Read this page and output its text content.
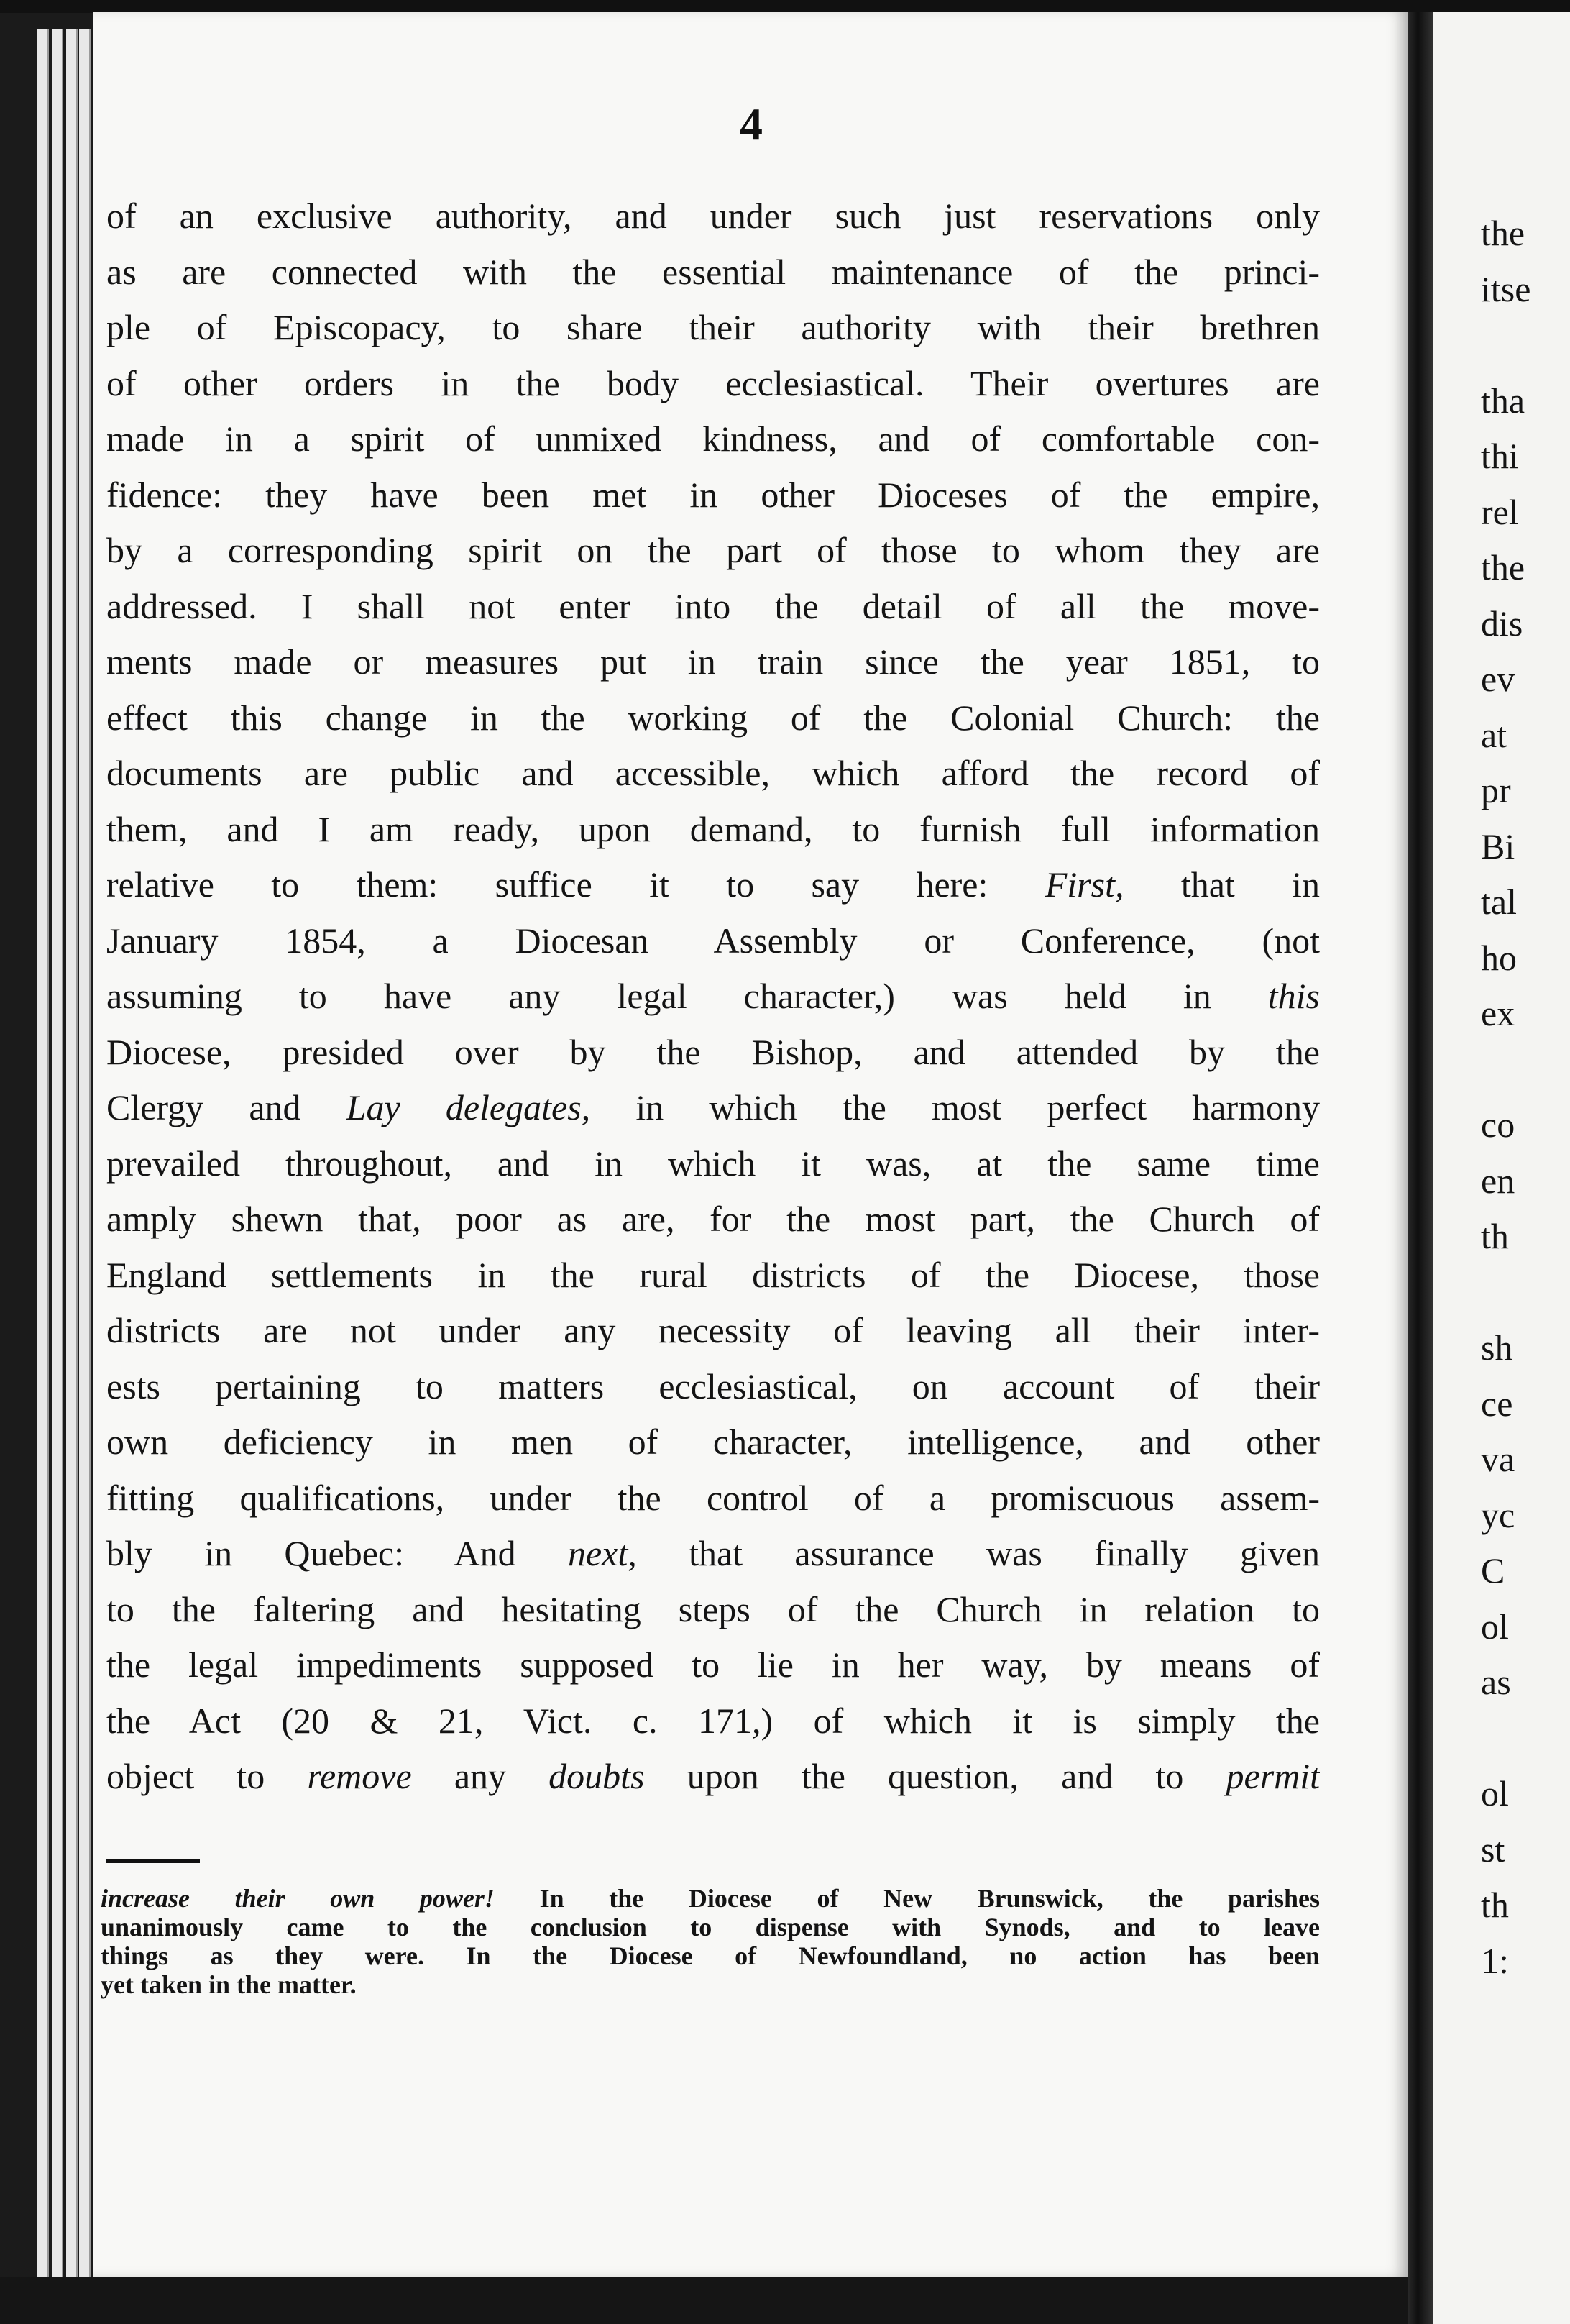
4
of an exclusive authority, and under such just reservations only
as are connected with the essential maintenance of the princi-
ple of Episcopacy, to share their authority with their brethren
of other orders in the body ecclesiastical. Their overtures are
made in a spirit of unmixed kindness, and of comfortable con-
fidence: they have been met in other Dioceses of the empire,
by a corresponding spirit on the part of those to whom they are
addressed. I shall not enter into the detail of all the move-
ments made or measures put in train since the year 1851, to
effect this change in the working of the Colonial Church: the
documents are public and accessible, which afford the record of
them, and I am ready, upon demand, to furnish full information
relative to them: suffice it to say here: First, that in
January 1854, a Diocesan Assembly or Conference, (not
assuming to have any legal character,) was held in this
Diocese, presided over by the Bishop, and attended by the
Clergy and Lay delegates, in which the most perfect harmony
prevailed throughout, and in which it was, at the same time
amply shewn that, poor as are, for the most part, the Church of
England settlements in the rural districts of the Diocese, those
districts are not under any necessity of leaving all their inter-
ests pertaining to matters ecclesiastical, on account of their
own deficiency in men of character, intelligence, and other
fitting qualifications, under the control of a promiscuous assem-
bly in Quebec: And next, that assurance was finally given
to the faltering and hesitating steps of the Church in relation to
the legal impediments supposed to lie in her way, by means of
the Act (20 & 21, Vict. c. 171,) of which it is simply the
object to remove any doubts upon the question, and to permit
increase their own power! In the Diocese of New Brunswick, the parishes
unanimously came to the conclusion to dispense with Synods, and to leave
things as they were. In the Diocese of Newfoundland, no action has been
yet taken in the matter.
the
itse
tha
thi
rel
the
dis
ev
at
pr
Bi
tal
ho
ex
co
en
th
sh
ce
va
yc
C
ol
as
ol
st
th
1:
